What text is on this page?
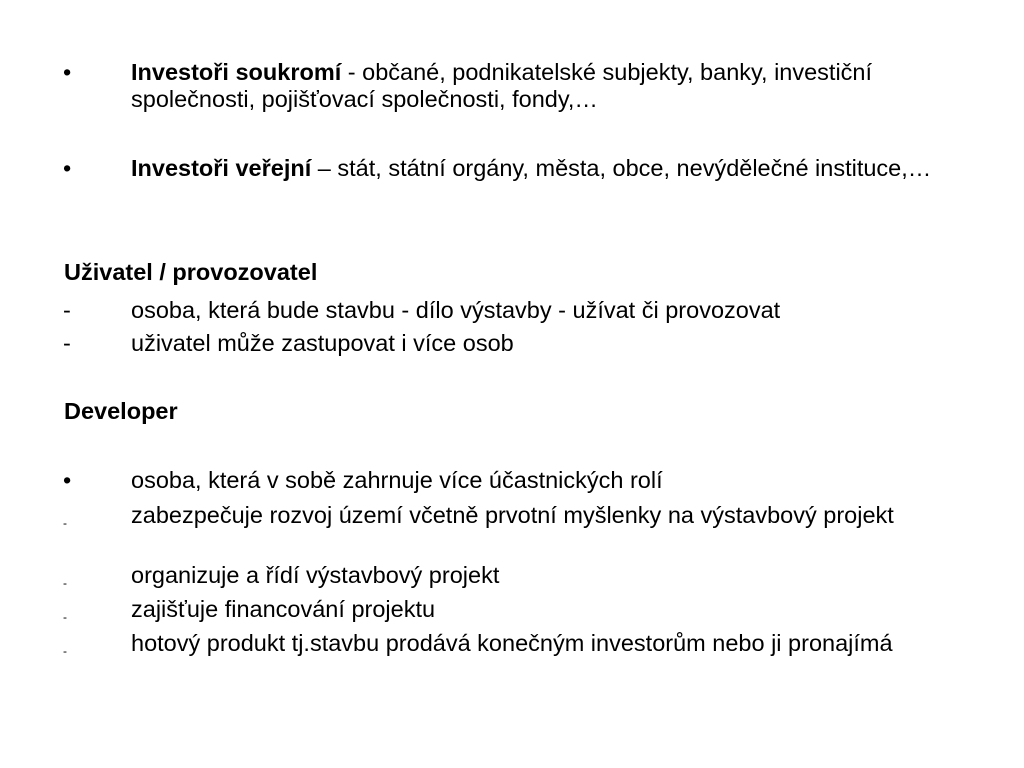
•	Investoři soukromí - občané, podnikatelské subjekty, banky, investiční společnosti, pojišťovací společnosti, fondy,…
•	Investoři veřejní – stát, státní orgány, města, obce, nevýdělečné instituce,…
Uživatel / provozovatel
-	osoba, která bude stavbu - dílo výstavby - užívat či provozovat
-	uživatel může zastupovat i více osob
Developer
•	osoba, která v sobě zahrnuje více účastnických rolí
-	zabezpečuje rozvoj území včetně prvotní myšlenky na výstavbový projekt
-	organizuje a řídí výstavbový projekt
-	zajišťuje financování projektu
-	hotový produkt tj.stavbu prodává konečným investorům nebo ji pronajímá
